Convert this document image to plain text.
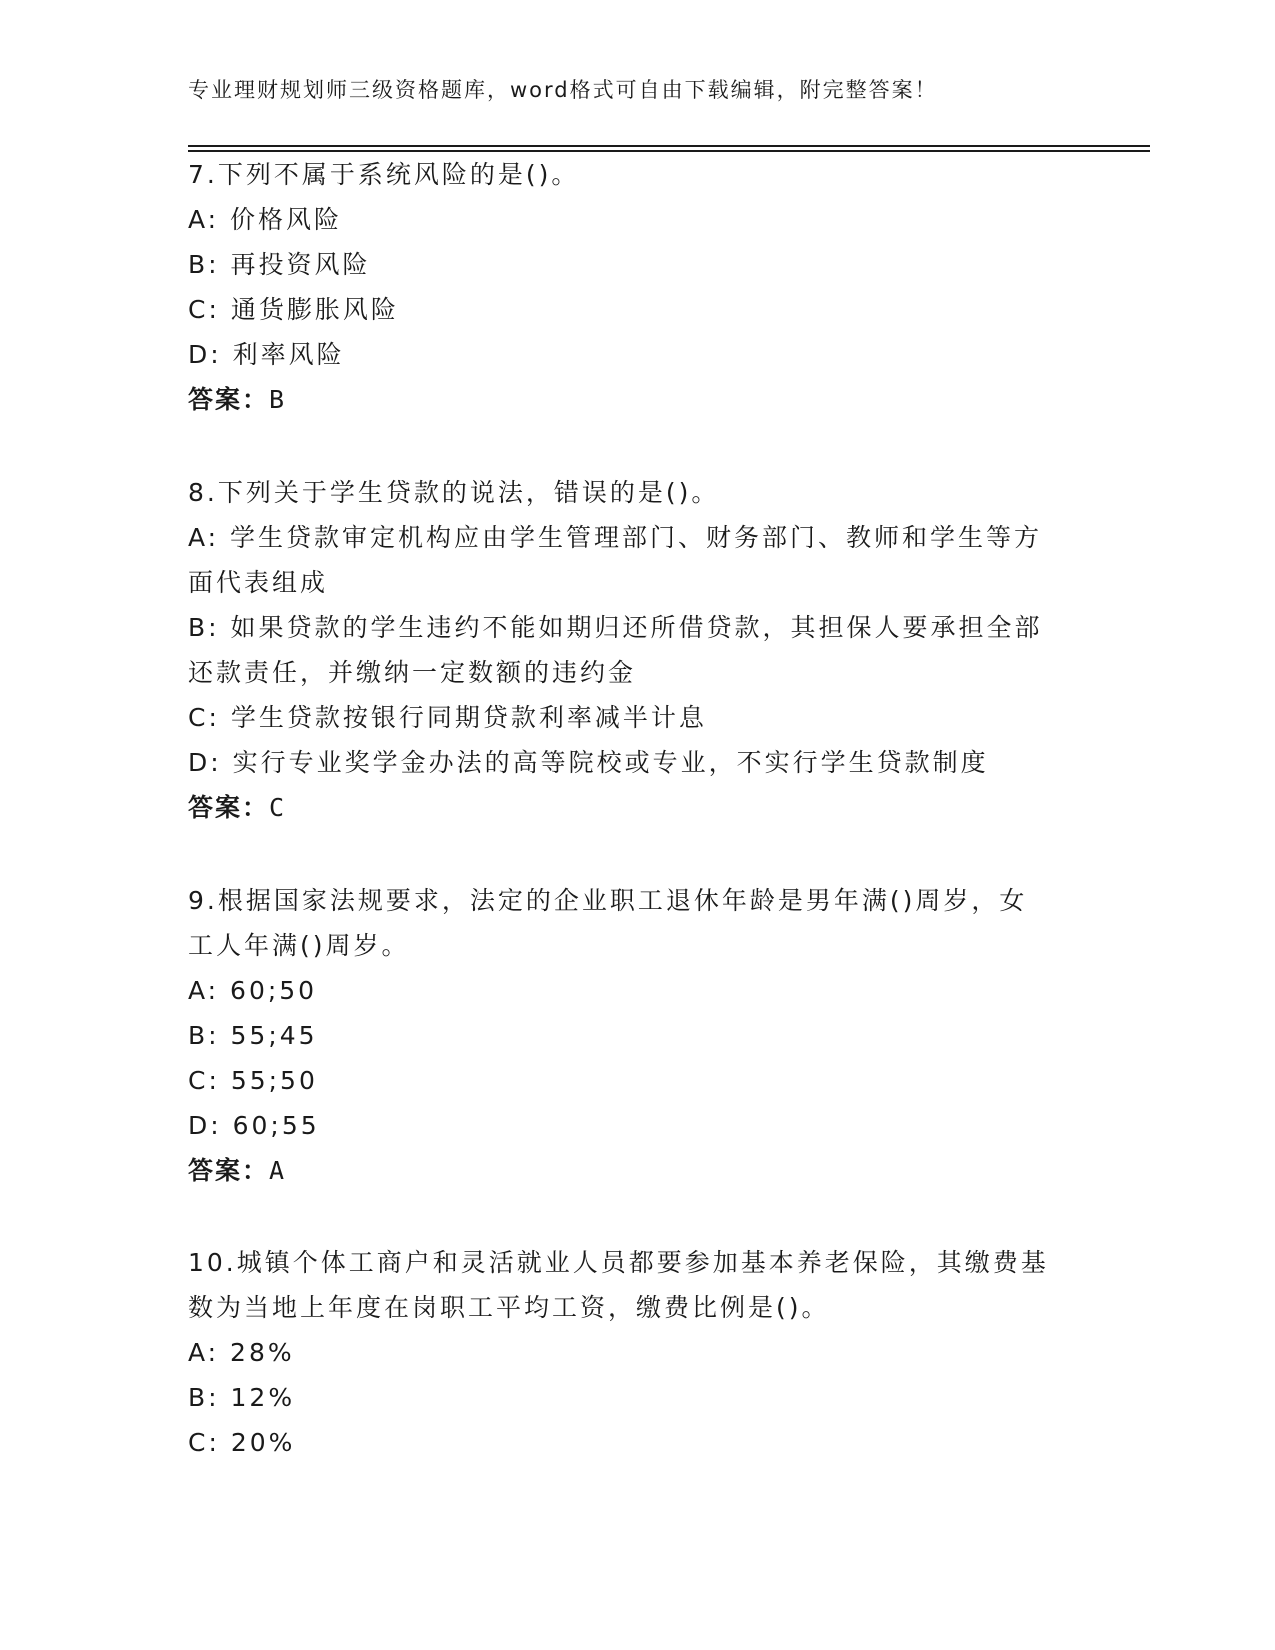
专业理财规划师三级资格题库，word格式可自由下载编辑，附完整答案！
7.下列不属于系统风险的是()。
A: 价格风险
B: 再投资风险
C: 通货膨胀风险
D: 利率风险
答案：B
8.下列关于学生贷款的说法，错误的是()。
A: 学生贷款审定机构应由学生管理部门、财务部门、教师和学生等方
面代表组成
B: 如果贷款的学生违约不能如期归还所借贷款，其担保人要承担全部
还款责任，并缴纳一定数额的违约金
C: 学生贷款按银行同期贷款利率减半计息
D: 实行专业奖学金办法的高等院校或专业，不实行学生贷款制度
答案：C
9.根据国家法规要求，法定的企业职工退休年龄是男年满()周岁，女
工人年满()周岁。
A: 60;50
B: 55;45
C: 55;50
D: 60;55
答案：A
10.城镇个体工商户和灵活就业人员都要参加基本养老保险，其缴费基
数为当地上年度在岗职工平均工资，缴费比例是()。
A: 28%
B: 12%
C: 20%
